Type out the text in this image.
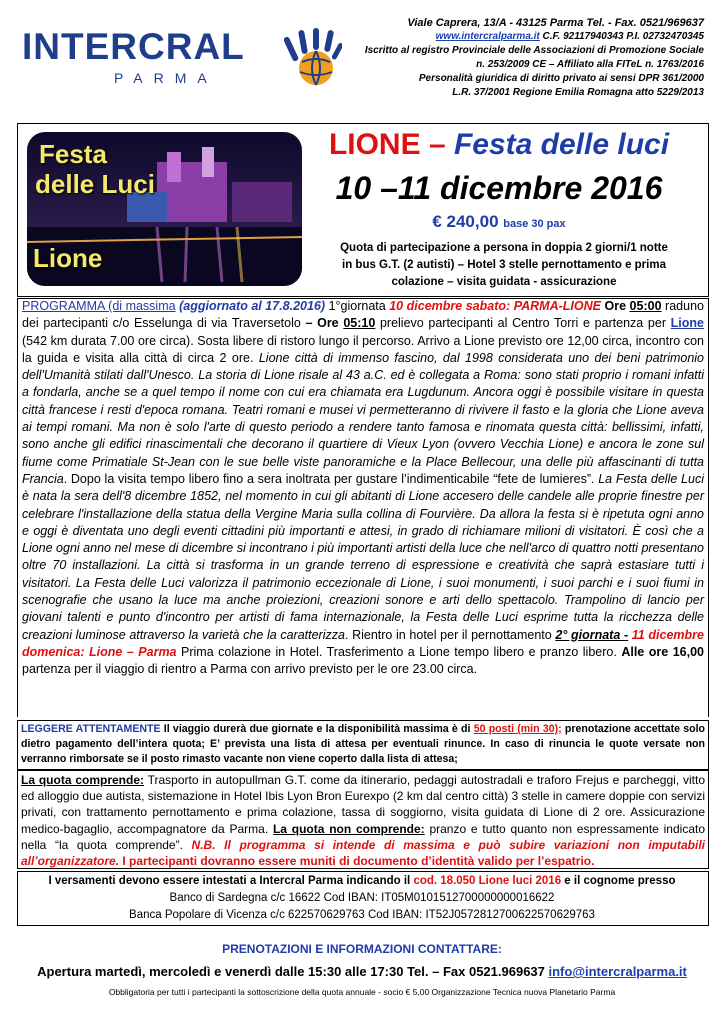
INTERCRAL
PARMA
Viale Caprera, 13/A - 43125 Parma Tel. - Fax. 0521/969637
www.intercralparma.it C.F. 92117940343 P.I. 02732470345
Iscritto al registro Provinciale delle Associazioni di Promozione Sociale
n. 253/2009 CE – Affiliato alla FITeL n. 1763/2016
Personalità giuridica di diritto privato ai sensi DPR 361/2000
L.R. 37/2001 Regione Emilia Romagna atto 5229/2013
Festa
delle Luci
Lione
LIONE – Festa delle luci
10 –11 dicembre 2016
€ 240,00 base 30 pax
Quota di partecipazione a persona in doppia 2 giorni/1 notte
in bus G.T. (2 autisti) – Hotel 3 stelle pernottamento e prima
colazione – visita guidata - assicurazione
PROGRAMMA (di massima (aggiornato al 17.8.2016) 1°giornata 10 dicembre sabato: PARMA-LIONE Ore 05:00 raduno dei partecipanti c/o Esselunga di via Traversetolo – Ore 05:10 prelievo partecipanti al Centro Torri e partenza per Lione (542 km durata 7.00 ore circa). Sosta libere di ristoro lungo il percorso. Arrivo a Lione previsto ore 12,00 circa, incontro con la guida e visita alla città di circa 2 ore. Lione città di immenso fascino, dal 1998 considerata uno dei beni patrimonio dell'Umanità stilati dall'Unesco. La storia di Lione risale al 43 a.C. ed è collegata a Roma: sono stati proprio i romani infatti a fondarla, anche se a quel tempo il nome con cui era chiamata era Lugdunum. Ancora oggi è possibile visitare in questa città francese i resti d'epoca romana. Teatri romani e musei vi permetteranno di rivivere il fasto e la gloria che Lione aveva ai tempi romani. Ma non è solo l'arte di questo periodo a rendere tanto famosa e rinomata questa città: bellissimi, infatti, sono anche gli edifici rinascimentali che decorano il quartiere di Vieux Lyon (ovvero Vecchia Lione) e ancora le zone sul fiume come Primatiale St-Jean con le sue belle viste panoramiche e la Place Bellecour, una delle più affascinanti di tutta Francia. Dopo la visita tempo libero fino a sera inoltrata per gustare l’indimenticabile “fete de lumieres”. La Festa delle Luci è nata la sera dell'8 dicembre 1852, nel momento in cui gli abitanti di Lione accesero delle candele alle proprie finestre per celebrare l'installazione della statua della Vergine Maria sulla collina di Fourvière. Da allora la festa si è ripetuta ogni anno e oggi è diventata uno degli eventi cittadini più importanti e attesi, in grado di richiamare milioni di visitatori. È così che a Lione ogni anno nel mese di dicembre si incontrano i più importanti artisti della luce che nell'arco di quattro notti presentano oltre 70 installazioni. La città si trasforma in un grande terreno di espressione e creatività che saprà estasiare tutti i visitatori. La Festa delle Luci valorizza il patrimonio eccezionale di Lione, i suoi monumenti, i suoi parchi e i suoi fiumi in scenografie che usano la luce ma anche proiezioni, creazioni sonore e arti dello spettacolo. Trampolino di lancio per giovani talenti e punto d'incontro per artisti di fama internazionale, la Festa delle Luci esprime tutta la ricchezza delle creazioni luminose attraverso la varietà che la caratterizza. Rientro in hotel per il pernottamento 2° giornata - 11 dicembre domenica: Lione – Parma Prima colazione in Hotel. Trasferimento a Lione tempo libero e pranzo libero. Alle ore 16,00 partenza per il viaggio di rientro a Parma con arrivo previsto per le ore 23.00 circa.
LEGGERE ATTENTAMENTE Il viaggio durerà due giornate e la disponibilità massima è di 50 posti (min 30); prenotazione accettate solo dietro pagamento dell’intera quota; E’ prevista una lista di attesa per eventuali rinunce. In caso di rinuncia le quote versate non verranno rimborsate se il posto rimasto vacante non viene coperto dalla lista di attesa;
La quota comprende: Trasporto in autopullman G.T. come da itinerario, pedaggi autostradali e traforo Frejus e parcheggi, vitto ed alloggio due autista, sistemazione in Hotel Ibis Lyon Bron Eurexpo (2 km dal centro città) 3 stelle in camere doppie con servizi privati, con trattamento pernottamento e prima colazione, tassa di soggiorno, visita guidata di Lione di 2 ore. Assicurazione medico-bagaglio, accompagnatore da Parma. La quota non comprende: pranzo e tutto quanto non espressamente indicato nella “la quota comprende”. N.B. Il programma si intende di massima e può subire variazioni non imputabili all’organizzatore. I partecipanti dovranno essere muniti di documento d’identità valido per l’espatrio.
I versamenti devono essere intestati a Intercral Parma indicando il cod. 18.050 Lione luci 2016 e il cognome presso
Banco di Sardegna c/c 16622 Cod IBAN: IT05M0101512700000000016622
Banca Popolare di Vicenza c/c 622570629763 Cod IBAN: IT52J0572812700622570629763
PRENOTAZIONI E INFORMAZIONI CONTATTARE:
Apertura martedì, mercoledì e venerdì dalle 15:30 alle 17:30 Tel. – Fax 0521.969637 info@intercralparma.it
Obbligatoria per tutti i partecipanti la sottoscrizione della quota annuale - socio € 5,00 Organizzazione Tecnica nuova Planetario Parma
